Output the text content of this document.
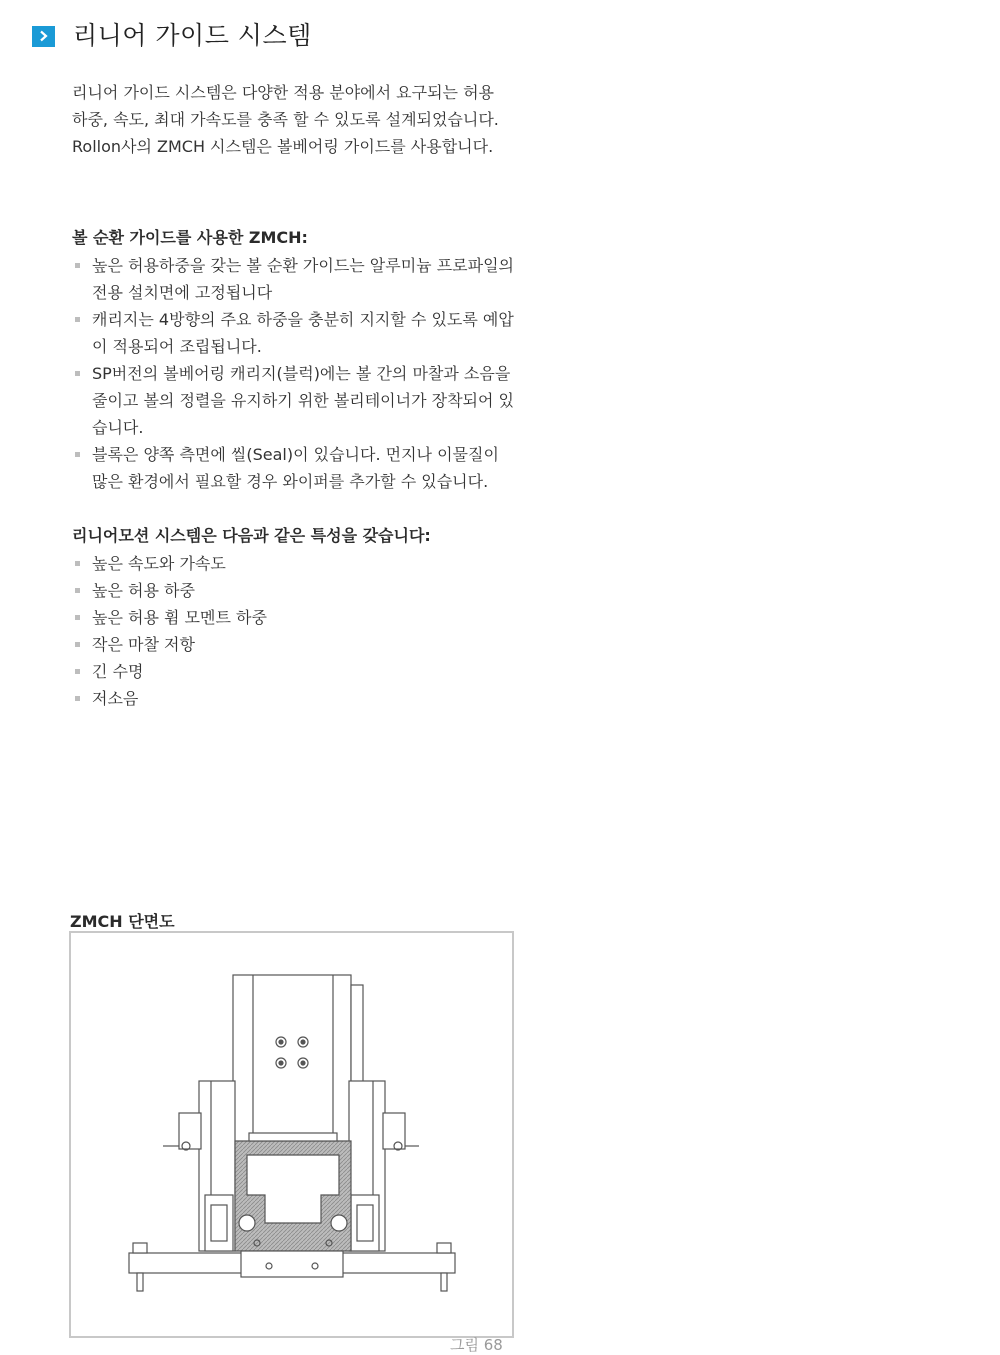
리니어 가이드 시스템
리니어 가이드 시스템은 다양한 적용 분야에서 요구되는 허용
하중, 속도, 최대 가속도를 충족 할 수 있도록 설계되었습니다.
Rollon사의 ZMCH 시스템은 볼베어링 가이드를 사용합니다.
볼 순환 가이드를 사용한 ZMCH:
높은 허용하중을 갖는 볼 순환 가이드는 알루미늄 프로파일의
전용 설치면에 고정됩니다
캐리지는 4방향의 주요 하중을 충분히 지지할 수 있도록 예압
이 적용되어 조립됩니다.
SP버전의 볼베어링 캐리지(블럭)에는 볼 간의 마찰과 소음을
줄이고 볼의 정렬을 유지하기 위한 볼리테이너가 장착되어 있
습니다.
블록은 양쪽 측면에 씰(Seal)이 있습니다. 먼지나 이물질이
많은 환경에서 필요할 경우 와이퍼를 추가할 수 있습니다.
리니어모션 시스템은 다음과 같은 특성을 갖습니다:
높은 속도와 가속도
높은 허용 하중
높은 허용 휨 모멘트 하중
작은 마찰 저항
긴 수명
저소음
ZMCH 단면도
그림 68
